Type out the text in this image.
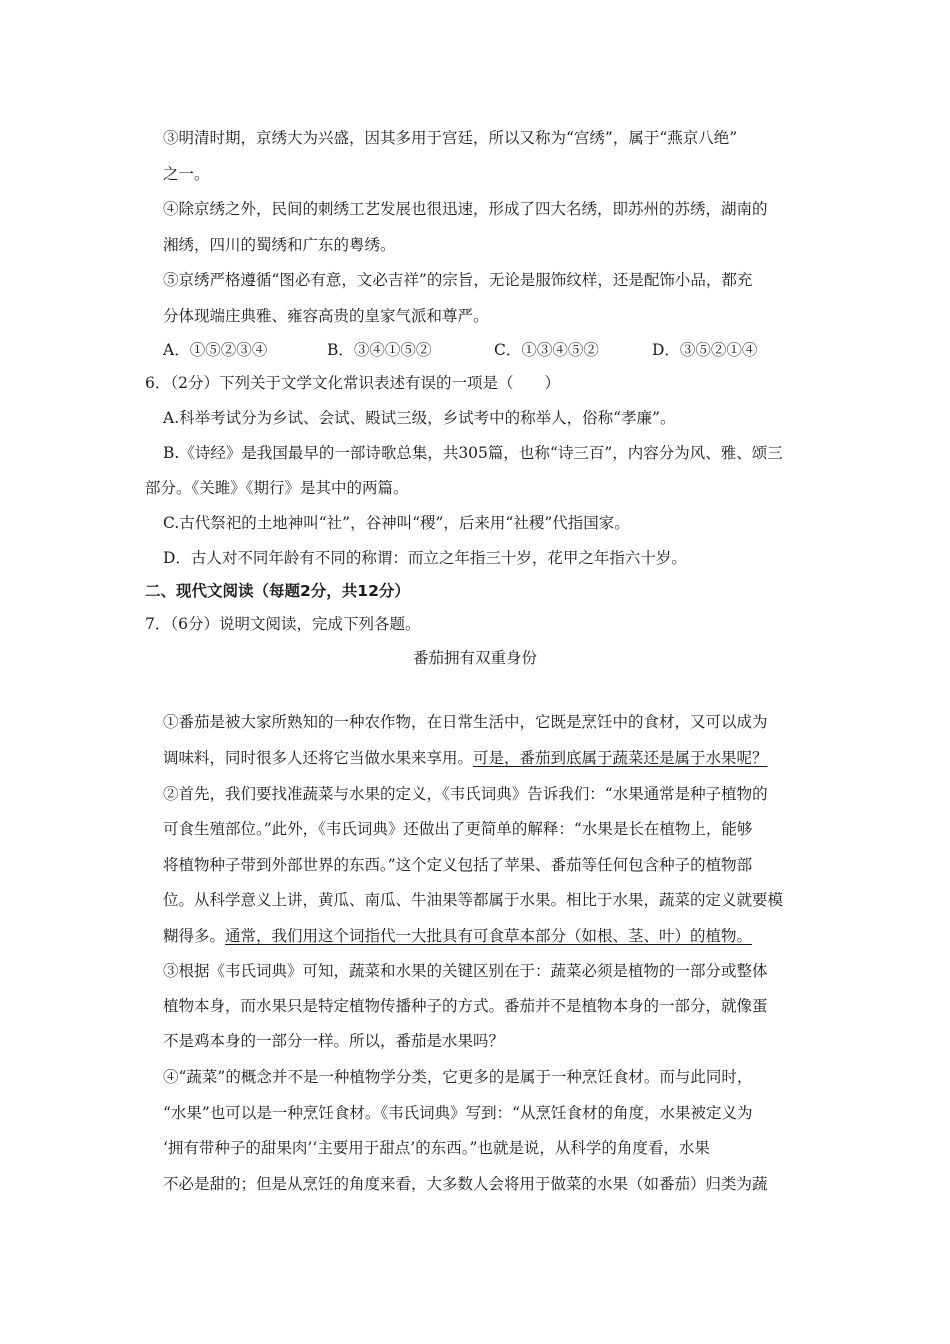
③明清时期，京绣大为兴盛，因其多用于宫廷，所以又称为“宫绣”，属于“燕京八绝”
之一。
④除京绣之外，民间的刺绣工艺发展也很迅速，形成了四大名绣，即苏州的苏绣，湖南的
湘绣，四川的蜀绣和广东的粤绣。
⑤京绣严格遵循“图必有意，文必吉祥”的宗旨，无论是服饰纹样，还是配饰小品，都充
分体现端庄典雅、雍容高贵的皇家气派和尊严。
A．①⑤②③④	B．③④①⑤②	C．①③④⑤②	D．③⑤②①④
6．（2分）下列关于文学文化常识表述有误的一项是（　　）
A.科举考试分为乡试、会试、殿试三级，乡试考中的称举人，俗称“孝廉”。
B.《诗经》是我国最早的一部诗歌总集，共305篇，也称“诗三百”，内容分为风、雅、颂三
部分。《关雎》《期行》是其中的两篇。
C.古代祭祀的土地神叫“社”，谷神叫“稷”，后来用“社稷”代指国家。
D．古人对不同年龄有不同的称谓：而立之年指三十岁，花甲之年指六十岁。
二、现代文阅读（每题2分，共12分）
7．（6分）说明文阅读，完成下列各题。
番茄拥有双重身份
①番茄是被大家所熟知的一种农作物，在日常生活中，它既是烹饪中的食材，又可以成为
调味料，同时很多人还将它当做水果来享用。可是，番茄到底属于蔬菜还是属于水果呢？
②首先，我们要找准蔬菜与水果的定义，《韦氏词典》告诉我们：“水果通常是种子植物的
可食生殖部位。”此外，《韦氏词典》还做出了更简单的解释：“水果是长在植物上，能够
将植物种子带到外部世界的东西。”这个定义包括了苹果、番茄等任何包含种子的植物部
位。从科学意义上讲，黄瓜、南瓜、牛油果等都属于水果。相比于水果，蔬菜的定义就要模
糊得多。通常，我们用这个词指代一大批具有可食草本部分（如根、茎、叶）的植物。
③根据《韦氏词典》可知，蔬菜和水果的关键区别在于：蔬菜必须是植物的一部分或整体
植物本身，而水果只是特定植物传播种子的方式。番茄并不是植物本身的一部分，就像蛋
不是鸡本身的一部分一样。所以，番茄是水果吗？
④“蔬菜”的概念并不是一种植物学分类，它更多的是属于一种烹饪食材。而与此同时，
“水果”也可以是一种烹饪食材。《韦氏词典》写到：“从烹饪食材的角度，水果被定义为
‘拥有带种子的甜果肉’‘主要用于甜点’的东西。”也就是说，从科学的角度看，水果
不必是甜的；但是从烹饪的角度来看，大多数人会将用于做菜的水果（如番茄）归类为蔬
